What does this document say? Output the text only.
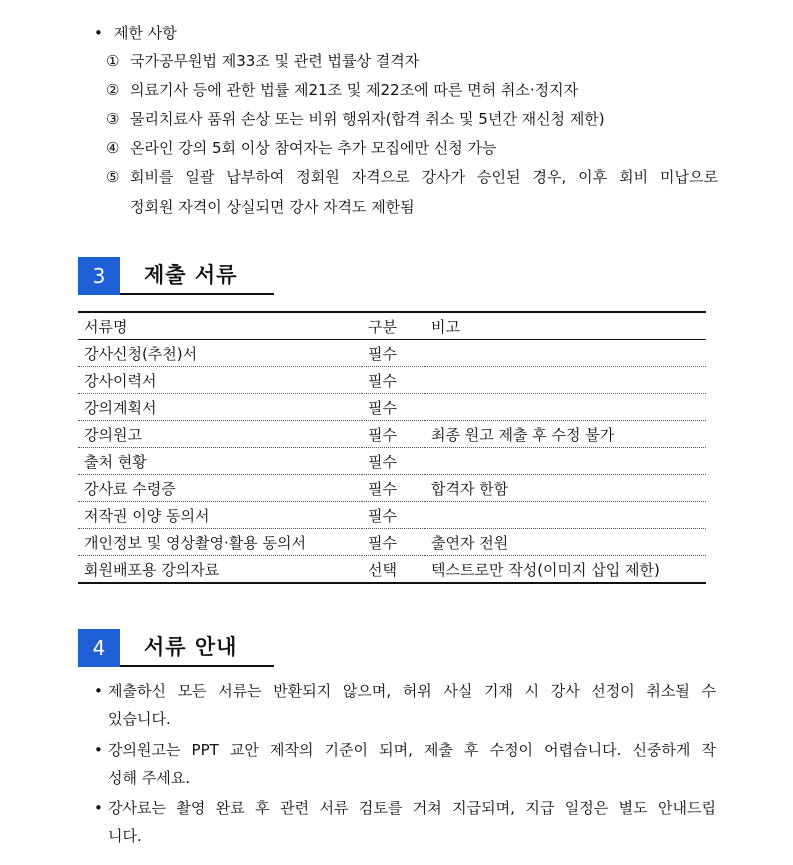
• 제한 사항
① 국가공무원법 제33조 및 관련 법률상 결격자
② 의료기사 등에 관한 법률 제21조 및 제22조에 따른 면허 취소·정지자
③ 물리치료사 품위 손상 또는 비위 행위자(합격 취소 및 5년간 재신청 제한)
④ 온라인 강의 5회 이상 참여자는 추가 모집에만 신청 가능
⑤ 회비를 일괄 납부하여 정회원 자격으로 강사가 승인된 경우, 이후 회비 미납으로
정회원 자격이 상실되면 강사 자격도 제한됨
3	제출 서류
서류명	구분	비고
강사신청(추천)서	필수	
강사이력서	필수	
강의계획서	필수	
강의원고	필수	최종 원고 제출 후 수정 불가
출처 현황	필수	
강사료 수령증	필수	합격자 한함
저작권 이양 동의서	필수	
개인정보 및 영상촬영·활용 동의서	필수	출연자 전원
회원배포용 강의자료	선택	텍스트로만 작성(이미지 삽입 제한)
4	서류 안내
• 제출하신 모든 서류는 반환되지 않으며, 허위 사실 기재 시 강사 선정이 취소될 수
있습니다.
• 강의원고는 PPT 교안 제작의 기준이 되며, 제출 후 수정이 어렵습니다. 신중하게 작
성해 주세요.
• 강사료는 촬영 완료 후 관련 서류 검토를 거쳐 지급되며, 지급 일정은 별도 안내드립
니다.
